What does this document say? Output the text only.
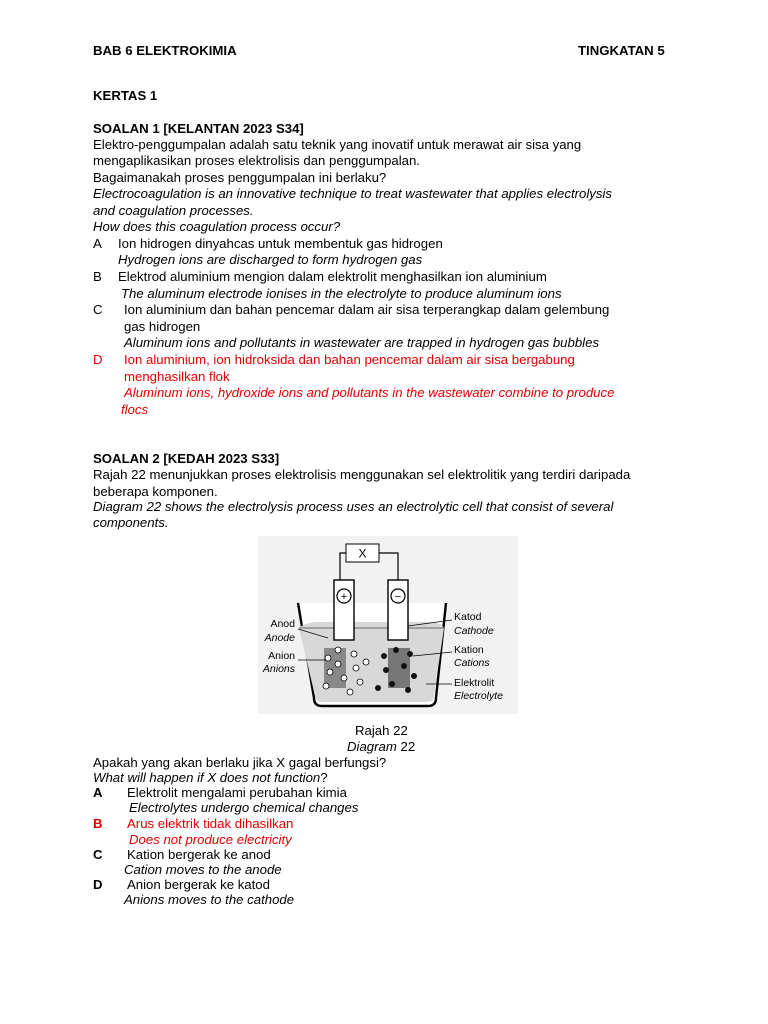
BAB 6 ELEKTROKIMIA	TINGKATAN 5
KERTAS 1
SOALAN 1 [KELANTAN 2023 S34]
Elektro-penggumpalan adalah satu teknik yang inovatif untuk merawat air sisa yang
mengaplikasikan proses elektrolisis dan penggumpalan.
Bagaimanakah proses penggumpalan ini berlaku?
Electrocoagulation is an innovative technique to treat wastewater that applies electrolysis
and coagulation processes.
How does this coagulation process occur?
A Ion hidrogen dinyahcas untuk membentuk gas hidrogen
Hydrogen ions are discharged to form hydrogen gas
B Elektrod aluminium mengion dalam elektrolit menghasilkan ion aluminium
The aluminum electrode ionises in the electrolyte to produce aluminum ions
C Ion aluminium dan bahan pencemar dalam air sisa terperangkap dalam gelembung
gas hidrogen
Aluminum ions and pollutants in wastewater are trapped in hydrogen gas bubbles
D Ion aluminium, ion hidroksida dan bahan pencemar dalam air sisa bergabung
menghasilkan flok
Aluminum ions, hydroxide ions and pollutants in the wastewater combine to produce
flocs
SOALAN 2 [KEDAH 2023 S33]
Rajah 22 menunjukkan proses elektrolisis menggunakan sel elektrolitik yang terdiri daripada
beberapa komponen.
Diagram 22 shows the electrolysis process uses an electrolytic cell that consist of several
components.
X
+	−
Anod
Anode
Anion
Anions
Katod
Cathode
Kation
Cations
Elektrolit
Electrolyte
Rajah 22
Diagram 22
Apakah yang akan berlaku jika X gagal berfungsi?
What will happen if X does not function?
A Elektrolit mengalami perubahan kimia
Electrolytes undergo chemical changes
B Arus elektrik tidak dihasilkan
Does not produce electricity
C Kation bergerak ke anod
Cation moves to the anode
D Anion bergerak ke katod
Anions moves to the cathode
